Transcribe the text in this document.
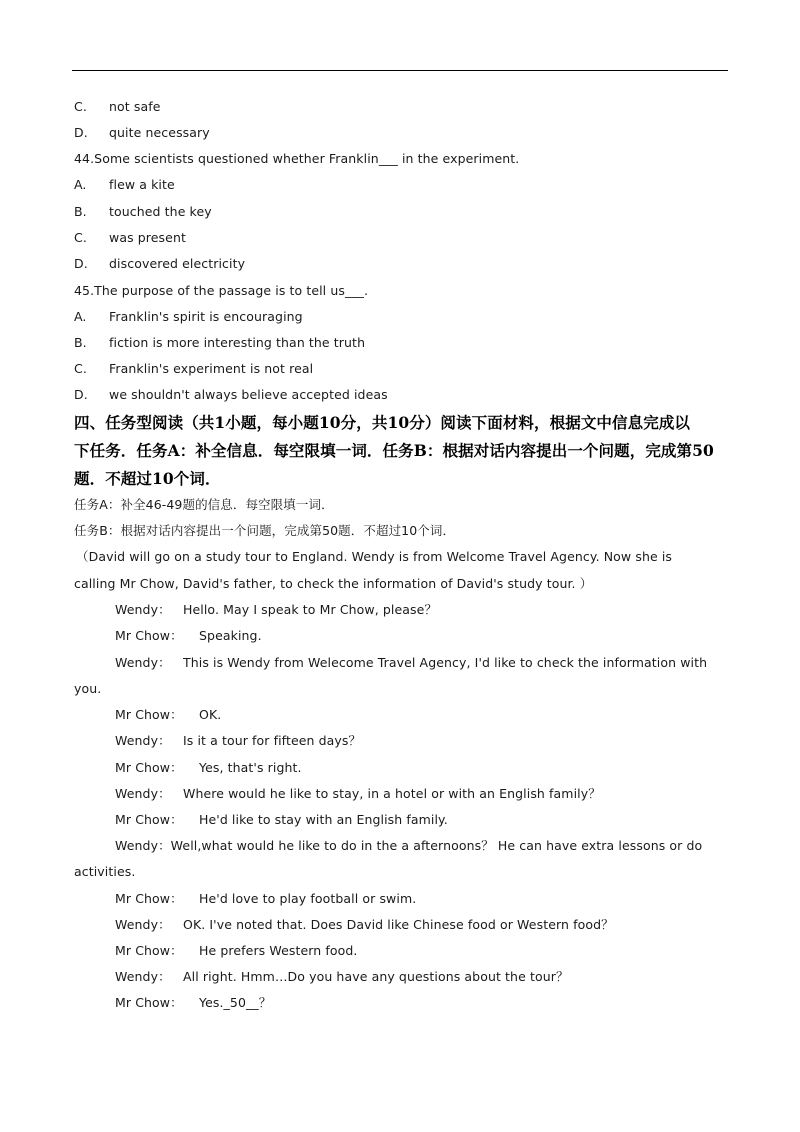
C. not safe
D. quite necessary
44.Some scientists questioned whether Franklin___ in the experiment.
A. flew a kite
B. touched the key
C. was present
D. discovered electricity
45.The purpose of the passage is to tell us___.
A. Franklin's spirit is encouraging
B. fiction is more interesting than the truth
C. Franklin's experiment is not real
D. we shouldn't always believe accepted ideas
四、任务型阅读（共1小题，每小题10分，共10分）阅读下面材料，根据文中信息完成以
下任务．任务A：补全信息．每空限填一词．任务B：根据对话内容提出一个问题，完成第50
题．不超过10个词．
任务A：补全46-49题的信息．每空限填一词．
任务B：根据对话内容提出一个问题，完成第50题．不超过10个词．
（David will go on a study tour to England. Wendy is from Welcome Travel Agency. Now she is
calling Mr Chow, David's father, to check the information of David's study tour. ）
Wendy： Hello. May I speak to Mr Chow, please？
Mr Chow： Speaking.
Wendy： This is Wendy from Welecome Travel Agency, I'd like to check the information with
you.
Mr Chow： OK.
Wendy： Is it a tour for fifteen days？
Mr Chow： Yes, that's right.
Wendy： Where would he like to stay, in a hotel or with an English family？
Mr Chow： He'd like to stay with an English family.
Wendy：Well,what would he like to do in the a afternoons？ He can have extra lessons or do
activities.
Mr Chow： He'd love to play football or swim.
Wendy： OK. I've noted that. Does David like Chinese food or Western food？
Mr Chow： He prefers Western food.
Wendy： All right. Hmm…Do you have any questions about the tour？
Mr Chow： Yes._50__？
